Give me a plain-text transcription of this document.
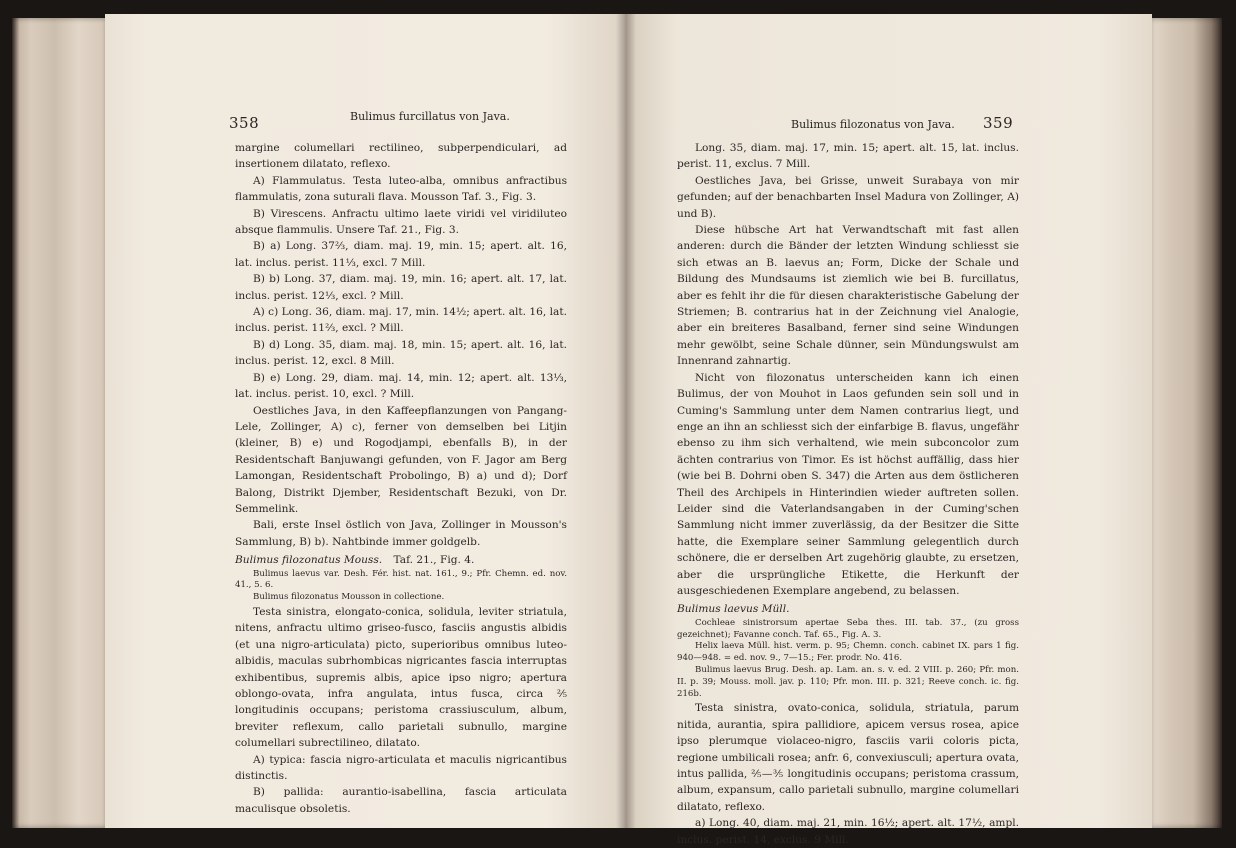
358	Bulimus furcillatus von Java.

margine columellari rectilineo, subperpendiculari, ad insertionem dilatato, reflexo.

A) Flammulatus. Testa luteo-alba, omnibus anfractibus flammulatis, zona suturali flava. Mousson Taf. 3., Fig. 3.

B) Virescens. Anfractu ultimo laete viridi vel viridiluteo absque flammulis. Unsere Taf. 21., Fig. 3.

B) a) Long. 37⅔, diam. maj. 19, min. 15; apert. alt. 16, lat. inclus. perist. 11⅓, excl. 7 Mill.

B) b) Long. 37, diam. maj. 19, min. 16; apert. alt. 17, lat. inclus. perist. 12⅓, excl. ? Mill.

A) c) Long. 36, diam. maj. 17, min. 14½; apert. alt. 16, lat. inclus. perist. 11⅔, excl. ? Mill.

B) d) Long. 35, diam. maj. 18, min. 15; apert. alt. 16, lat. inclus. perist. 12, excl. 8 Mill.

B) e) Long. 29, diam. maj. 14, min. 12; apert. alt. 13⅓, lat. inclus. perist. 10, excl. ? Mill.

Oestliches Java, in den Kaffeepflanzungen von Pangang-Lele, Zollinger, A) c), ferner von demselben bei Litjin (kleiner, B) e) und Rogodjampi, ebenfalls B), in der Residentschaft Banjuwangi gefunden, von F. Jagor am Berg Lamongan, Residentschaft Probolingo, B) a) und d); Dorf Balong, Distrikt Djember, Residentschaft Bezuki, von Dr. Semmelink.

Bali, erste Insel östlich von Java, Zollinger in Mousson's Sammlung, B) b). Nahtbinde immer goldgelb.

Bulimus filozonatus Mouss. Taf. 21., Fig. 4.

Bulimus laevus var. Desh. Fér. hist. nat. 161., 9.; Pfr. Chemn. ed. nov. 41., 5. 6.

Bulimus filozonatus Mousson in collectione.

Testa sinistra, elongato-conica, solidula, leviter striatula, nitens, anfractu ultimo griseo-fusco, fasciis angustis albidis (et una nigro-articulata) picto, superioribus omnibus luteo-albidis, maculas subrhombicas nigricantes fascia interruptas exhibentibus, supremis albis, apice ipso nigro; apertura oblongo-ovata, infra angulata, intus fusca, circa ⅖ longitudinis occupans; peristoma crassiusculum, album, breviter reflexum, callo parietali subnullo, margine columellari subrectilineo, dilatato.

A) typica: fascia nigro-articulata et maculis nigricantibus distinctis.

B) pallida: aurantio-isabellina, fascia articulata maculisque obsoletis.

Bulimus filozonatus von Java. 359

Long. 35, diam. maj. 17, min. 15; apert. alt. 15, lat. inclus. perist. 11, exclus. 7 Mill.

Oestliches Java, bei Grisse, unweit Surabaya von mir gefunden; auf der benachbarten Insel Madura von Zollinger, A) und B).

Diese hübsche Art hat Verwandtschaft mit fast allen anderen: durch die Bänder der letzten Windung schliesst sie sich etwas an B. laevus an; Form, Dicke der Schale und Bildung des Mundsaums ist ziemlich wie bei B. furcillatus, aber es fehlt ihr die für diesen charakteristische Gabelung der Striemen; B. contrarius hat in der Zeichnung viel Analogie, aber ein breiteres Basalband, ferner sind seine Windungen mehr gewölbt, seine Schale dünner, sein Mündungswulst am Innenrand zahnartig.

Nicht von filozonatus unterscheiden kann ich einen Bulimus, der von Mouhot in Laos gefunden sein soll und in Cuming's Sammlung unter dem Namen contrarius liegt, und enge an ihn an schliesst sich der einfarbige B. flavus, ungefähr ebenso zu ihm sich verhaltend, wie mein subconcolor zum ächten contrarius von Timor. Es ist höchst auffällig, dass hier (wie bei B. Dohrni oben S. 347) die Arten aus dem östlicheren Theil des Archipels in Hinterindien wieder auftreten sollen. Leider sind die Vaterlandsangaben in der Cuming'schen Sammlung nicht immer zuverlässig, da der Besitzer die Sitte hatte, die Exemplare seiner Sammlung gelegentlich durch schönere, die er derselben Art zugehörig glaubte, zu ersetzen, aber die ursprüngliche Etikette, die Herkunft der ausgeschiedenen Exemplare angebend, zu belassen.

Bulimus laevus Müll.

Cochleae sinistrorsum apertae Seba thes. III. tab. 37., (zu gross gezeichnet); Favanne conch. Taf. 65., Fig. A. 3.

Helix laeva Müll. hist. verm. p. 95; Chemn. conch. cabinet IX. pars 1 fig. 940—948. = ed. nov. 9., 7—15.; Fer. prodr. No. 416.

Bulimus laevus Brug. Desh. ap. Lam. an. s. v. ed. 2 VIII. p. 260; Pfr. mon. II. p. 39; Mouss. moll. jav. p. 110; Pfr. mon. III. p. 321; Reeve conch. ic. fig. 216b.

Testa sinistra, ovato-conica, solidula, striatula, parum nitida, aurantia, spira pallidiore, apicem versus rosea, apice ipso plerumque violaceo-nigro, fasciis varii coloris picta, regione umbilicali rosea; anfr. 6, convexiusculi; apertura ovata, intus pallida, ⅖—⅗ longitudinis occupans; peristoma crassum, album, expansum, callo parietali subnullo, margine columellari dilatato, reflexo.

a) Long. 40, diam. maj. 21, min. 16½; apert. alt. 17½, ampl. inclus. perist. 14, exclus. 9 Mill.
